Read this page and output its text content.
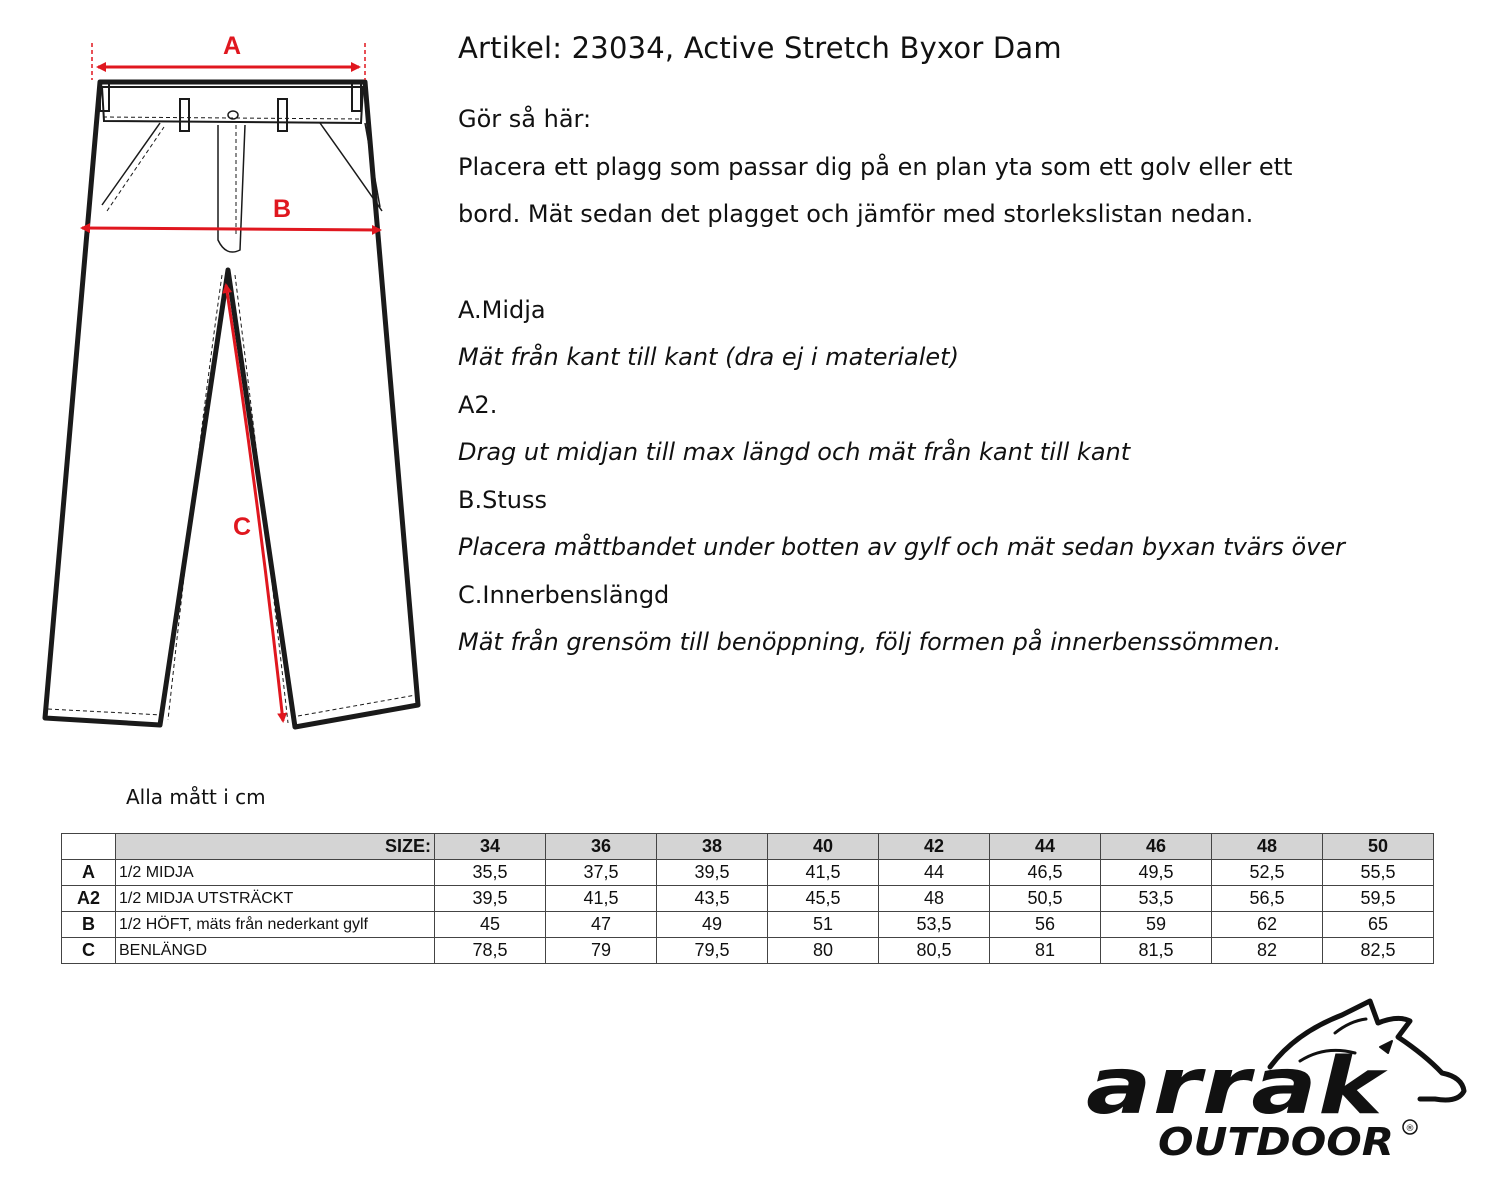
A
B
C
Artikel: 23034, Active Stretch Byxor Dam

Gör så här:

Placera ett plagg som passar dig på en plan yta som ett golv eller ett

bord. Mät sedan det plagget och jämför med storlekslistan nedan.

A.Midja

Mät från kant till kant (dra ej i materialet)

A2.

Drag ut midjan till max längd och mät från kant till kant

B.Stuss

Placera måttbandet under botten av gylf och mät sedan byxan tvärs över

C.Innerbenslängd

Mät från grensöm till benöppning, följ formen på innerbenssömmen.

Alla mått i cm
	SIZE:	34	36	38	40	42	44	46	48	50
A	1/2 MIDJA	35,5	37,5	39,5	41,5	44	46,5	49,5	52,5	55,5
A2	1/2 MIDJA UTSTRÄCKT	39,5	41,5	43,5	45,5	48	50,5	53,5	56,5	59,5
B	1/2 HÖFT, mäts från nederkant gylf	45	47	49	51	53,5	56	59	62	65
C	BENLÄNGD	78,5	79	79,5	80	80,5	81	81,5	82	82,5
arrak
OUTDOOR ®
